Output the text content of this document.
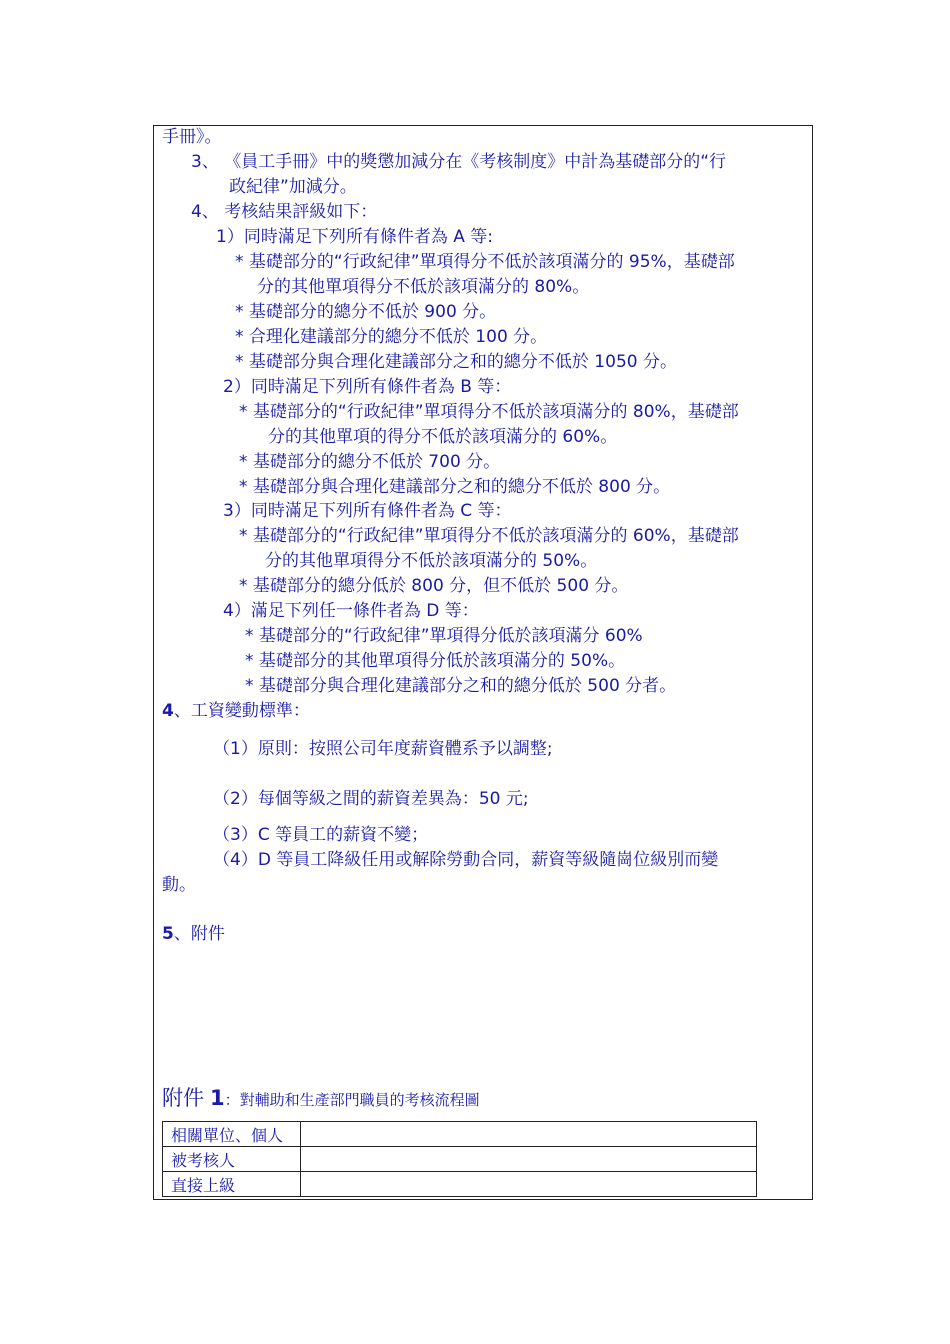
手冊》。
3、 《員工手冊》中的獎懲加減分在《考核制度》中計為基礎部分的“行
政紀律”加減分。
4、 考核結果評級如下：
1）同時滿足下列所有條件者為 A 等:
* 基礎部分的“行政紀律”單項得分不低於該項滿分的 95%，基礎部
分的其他單項得分不低於該項滿分的 80%。
* 基礎部分的總分不低於 900 分。
* 合理化建議部分的總分不低於 100 分。
* 基礎部分與合理化建議部分之和的總分不低於 1050 分。
2）同時滿足下列所有條件者為 B 等：
* 基礎部分的“行政紀律”單項得分不低於該項滿分的 80%，基礎部
分的其他單項的得分不低於該項滿分的 60%。
* 基礎部分的總分不低於 700 分。
* 基礎部分與合理化建議部分之和的總分不低於 800 分。
3）同時滿足下列所有條件者為 C 等：
* 基礎部分的“行政紀律”單項得分不低於該項滿分的 60%，基礎部
分的其他單項得分不低於該項滿分的 50%。
* 基礎部分的總分低於 800 分，但不低於 500 分。
4）滿足下列任一條件者為 D 等：
* 基礎部分的“行政紀律”單項得分低於該項滿分 60%
* 基礎部分的其他單項得分低於該項滿分的 50%。
* 基礎部分與合理化建議部分之和的總分低於 500 分者。
4、工資變動標準：
（1）原則：按照公司年度薪資體系予以調整;
（2）每個等級之間的薪資差異為：50 元;
（3）C 等員工的薪資不變；
（4）D 等員工降級任用或解除勞動合同，薪資等級隨崗位級別而變
動。
5、附件
附件 1：對輔助和生產部門職員的考核流程圖
相關單位、個人	
被考核人	
直接上級	
